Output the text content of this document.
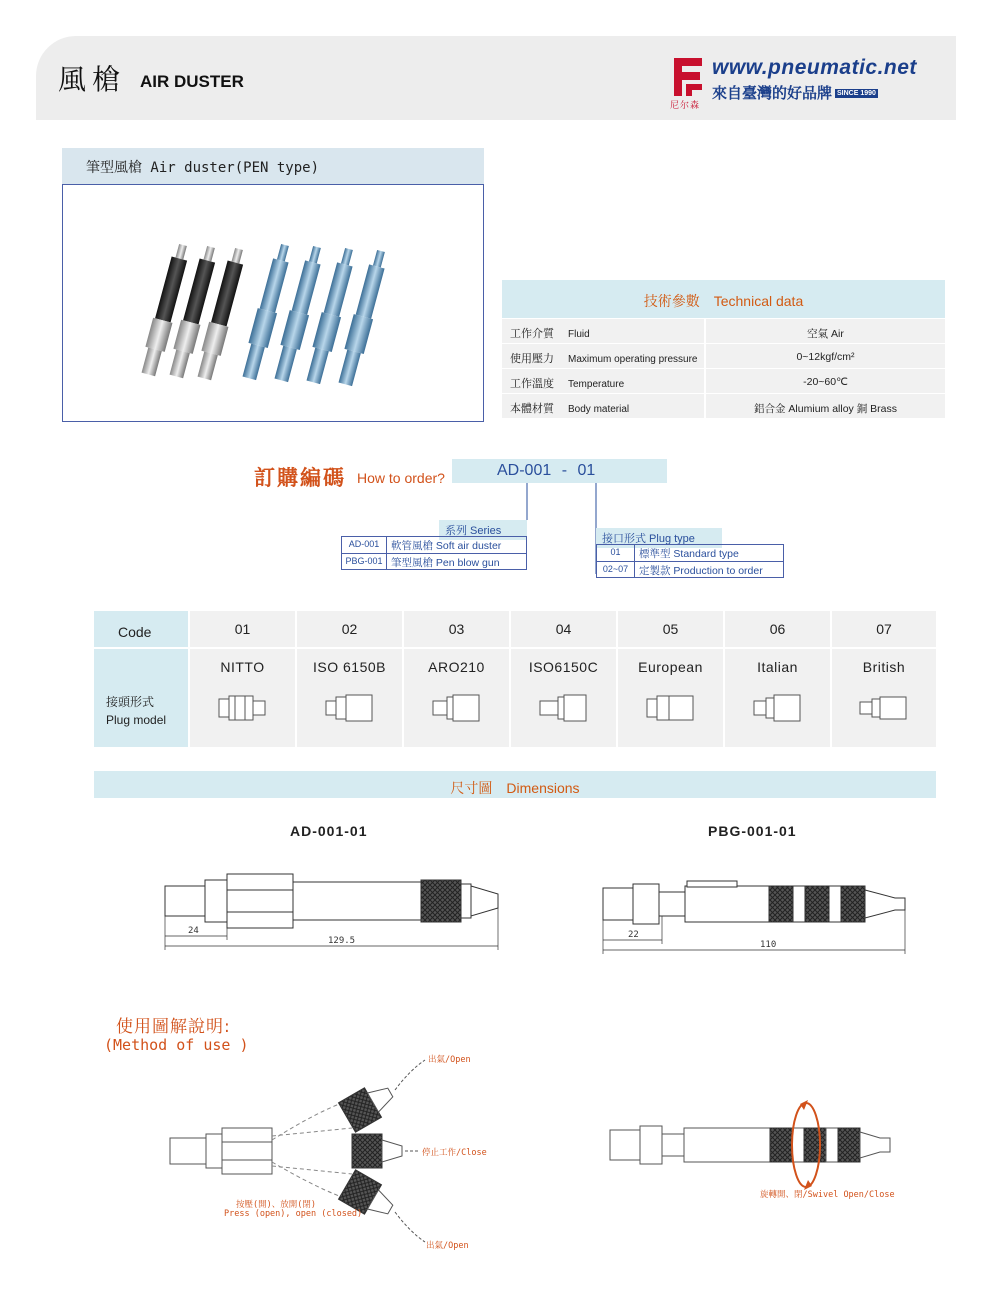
風槍 AIR DUSTER
尼尔森
www.pneumatic.net
來自臺灣的好品牌 SINCE 1990
筆型風槍 Air duster(PEN type)
技術參數　Technical data
工作介質 Fluid	空氣 Air
使用壓力 Maximum operating pressure	0~12kgf/cm²
工作溫度 Temperature	-20~60℃
本體材質 Body material	鋁合金 Alumium alloy 銅 Brass
訂購編碼 How to order?	AD-001 - 01
系列 Series
AD-001	軟管風槍 Soft air duster
PBG-001 筆型風槍 Pen blow gun
接口形式 Plug type
01	標準型 Standard type
02~07	定製款 Production to order
Code	01	02	03	04	05	06	07
接頭形式
Plug model
NITTO	ISO 6150B	ARO210	ISO6150C	European	Italian	British
尺寸圖　Dimensions
AD-001-01	PBG-001-01
24
129.5
22
110
使用圖解說明:
(Method of use )
出氣/Open
停止工作/Close
出氣/Open
按壓(開)、放開(閉)
Press (open), open (closed)
旋轉開、閉/Swivel Open/Close
